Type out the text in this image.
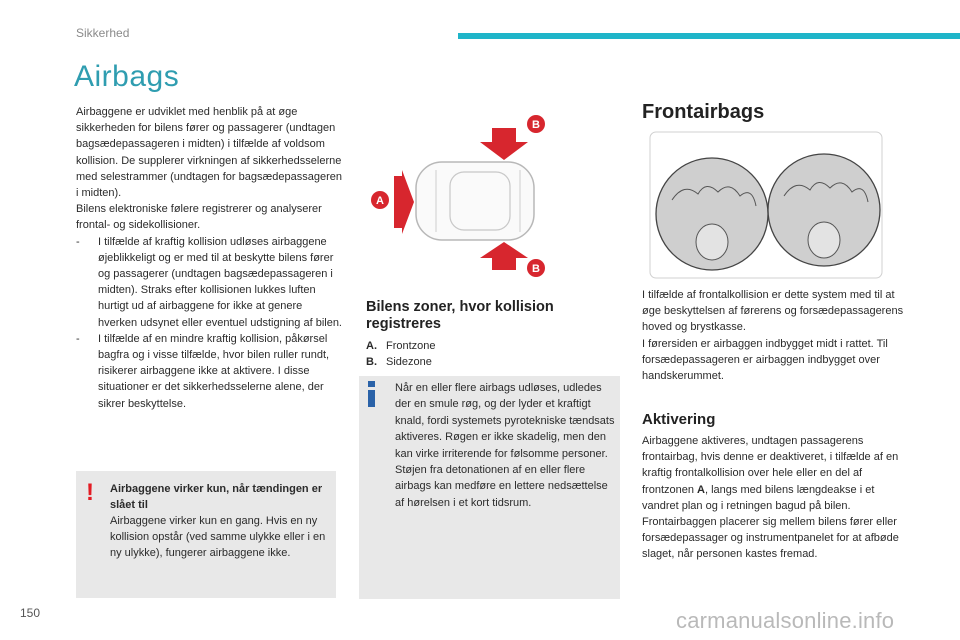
Sikkerhed
Airbags

Airbaggene er udviklet med henblik på at øge sikkerheden for bilens fører og passagerer (undtagen bagsædepassageren i midten) i tilfælde af voldsom kollision. De supplerer virkningen af sikkerhedsselerne med selestrammer (undtagen for bagsædepassageren i midten).

Bilens elektroniske følere registrerer og analyserer frontal- og sidekollisioner.

-	I tilfælde af kraftig kollision udløses airbaggene øjeblikkeligt og er med til at beskytte bilens fører og passagerer (undtagen bagsædepassageren i midten). Straks efter kollisionen lukkes luften hurtigt ud af airbaggene for ikke at genere hverken udsynet eller eventuel udstigning af bilen.
-	I tilfælde af en mindre kraftig kollision, påkørsel bagfra og i visse tilfælde, hvor bilen ruller rundt, risikerer airbaggene ikke at aktivere. I disse situationer er det sikkerhedsselerne alene, der sikrer beskyttelse.
! Airbaggene virker kun, når tændingen er slået til
Airbaggene virker kun en gang. Hvis en ny kollision opstår (ved samme ulykke eller i en ny ulykke), fungerer airbaggene ikke.
B
B
A
Bilens zoner, hvor kollision registreres
A. Frontzone
B. Sidezone
Når en eller flere airbags udløses, udledes der en smule røg, og der lyder et kraftigt knald, fordi systemets pyrotekniske tændsats aktiveres. Røgen er ikke skadelig, men den kan virke irriterende for følsomme personer. Støjen fra detonationen af en eller flere airbags kan medføre en lettere nedsættelse af hørelsen i et kort tidsrum.
Frontairbags

I tilfælde af frontalkollision er dette system med til at øge beskyttelsen af førerens og forsædepassagerens hoved og brystkasse.

I førersiden er airbaggen indbygget midt i rattet. Til forsædepassageren er airbaggen indbygget over handskerummet.

Aktivering

Airbaggene aktiveres, undtagen passagerens frontairbag, hvis denne er deaktiveret, i tilfælde af en kraftig frontalkollision over hele eller en del af frontzonen A, langs med bilens længdeakse i et vandret plan og i retningen bagud på bilen.

Frontairbaggen placerer sig mellem bilens fører eller forsædepassager og instrumentpanelet for at afbøde slaget, når personen kastes fremad.

150	carmanualsonline.info
